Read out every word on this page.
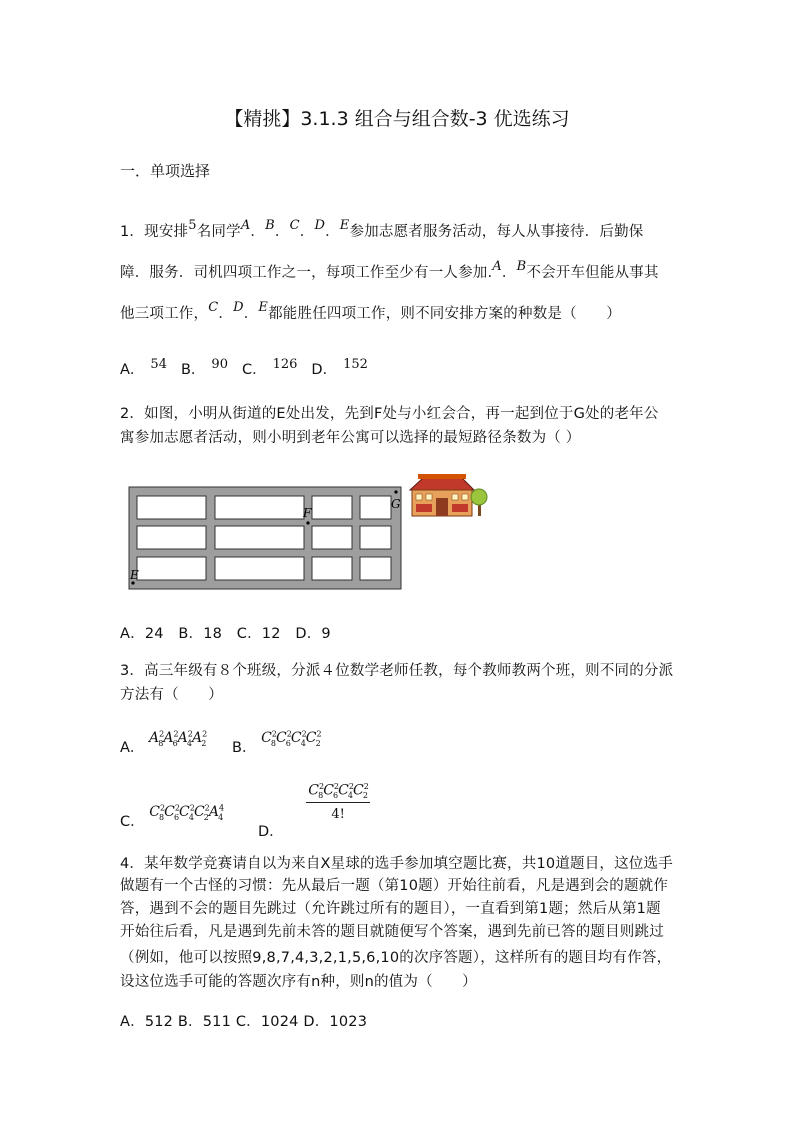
【精挑】3.1.3 组合与组合数-3 优选练习
一．单项选择
1．现安排5名同学A．B．C．D．E参加志愿者服务活动，每人从事接待．后勤保
障．服务．司机四项工作之一，每项工作至少有一人参加.A．B不会开车但能从事其
他三项工作，C．D．E都能胜任四项工作，则不同安排方案的种数是（　　）
A． 54 B． 90 C． 126 D． 152
2．如图，小明从街道的E处出发，先到F处与小红会合，再一起到位于G处的老年公
寓参加志愿者活动，则小明到老年公寓可以选择的最短路径条数为（ ）
E
F
G
A．24　B．18　C．12　D．9
3．高三年级有８个班级，分派４位数学老师任教，每个教师教两个班，则不同的分派
方法有（　　）
A． $A^2_8A^2_6A^2_4A^2_2$ B． $C^2_8C^2_6C^2_4C^2_2$
C． $C^2_8C^2_6C^2_4C^2_2A^4_4$
D．
$\frac{C^2_8C^2_6C^2_4C^2_2}{4!}$
4．某年数学竞赛请自以为来自X星球的选手参加填空题比赛，共10道题目，这位选手
做题有一个古怪的习惯：先从最后一题（第10题）开始往前看，凡是遇到会的题就作
答，遇到不会的题目先跳过（允许跳过所有的题目），一直看到第1题；然后从第1题
开始往后看，凡是遇到先前未答的题目就随便写个答案，遇到先前已答的题目则跳过
（例如，他可以按照9,8,7,4,3,2,1,5,6,10的次序答题），这样所有的题目均有作答，
设这位选手可能的答题次序有n种，则n的值为（　　）
A．512 B．511 C．1024 D．1023
